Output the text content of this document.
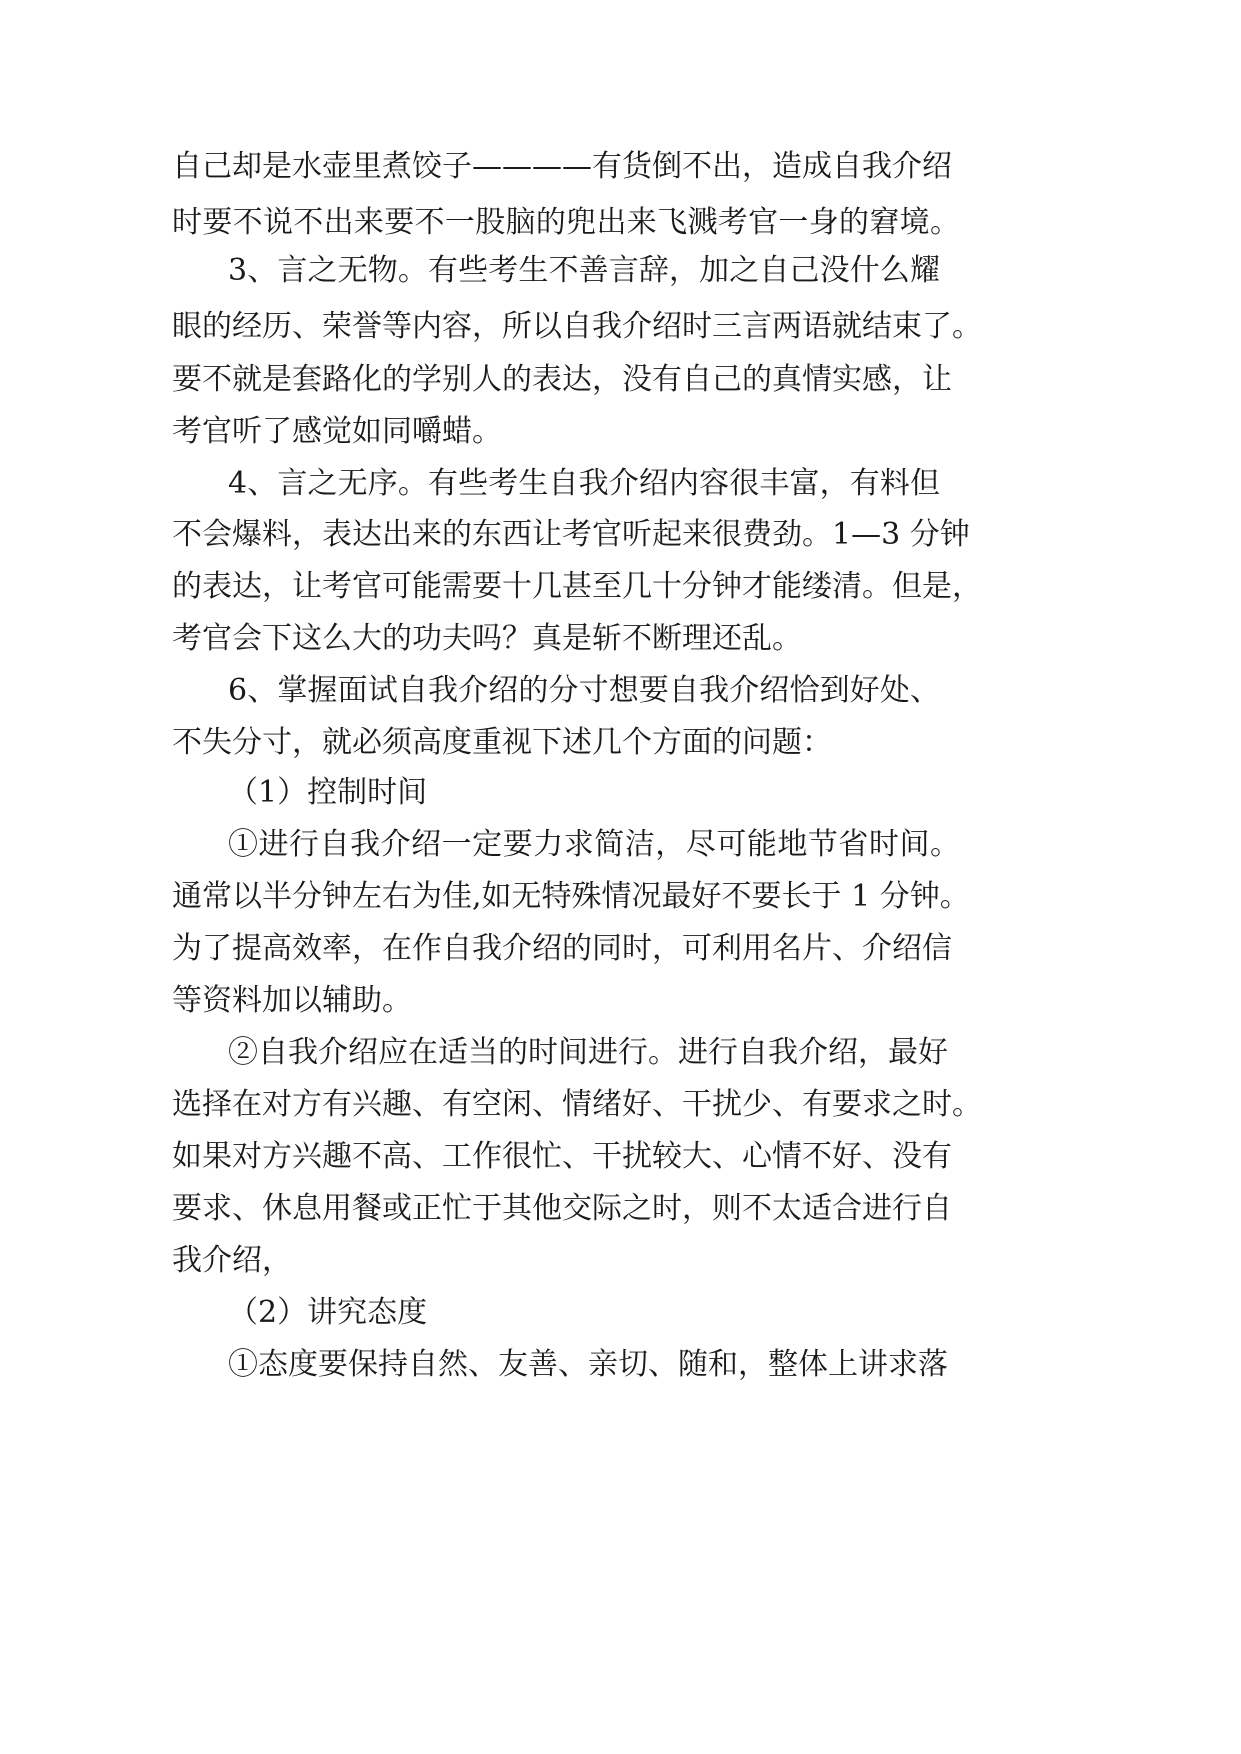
自己却是水壶里煮饺子————有货倒不出，造成自我介绍
时要不说不出来要不一股脑的兜出来飞溅考官一身的窘境。
3、言之无物。有些考生不善言辞，加之自己没什么耀
眼的经历、荣誉等内容，所以自我介绍时三言两语就结束了。
要不就是套路化的学别人的表达，没有自己的真情实感，让
考官听了感觉如同嚼蜡。
4、言之无序。有些考生自我介绍内容很丰富，有料但
不会爆料，表达出来的东西让考官听起来很费劲。1—3 分钟
的表达，让考官可能需要十几甚至几十分钟才能缕清。但是，
考官会下这么大的功夫吗？真是斩不断理还乱。
6、掌握面试自我介绍的分寸想要自我介绍恰到好处、
不失分寸，就必须高度重视下述几个方面的问题：
（1）控制时间
①进行自我介绍一定要力求简洁，尽可能地节省时间。
通常以半分钟左右为佳,如无特殊情况最好不要长于 1 分钟。
为了提高效率，在作自我介绍的同时，可利用名片、介绍信
等资料加以辅助。
②自我介绍应在适当的时间进行。进行自我介绍，最好
选择在对方有兴趣、有空闲、情绪好、干扰少、有要求之时。
如果对方兴趣不高、工作很忙、干扰较大、心情不好、没有
要求、休息用餐或正忙于其他交际之时，则不太适合进行自
我介绍，
（2）讲究态度
①态度要保持自然、友善、亲切、随和，整体上讲求落
